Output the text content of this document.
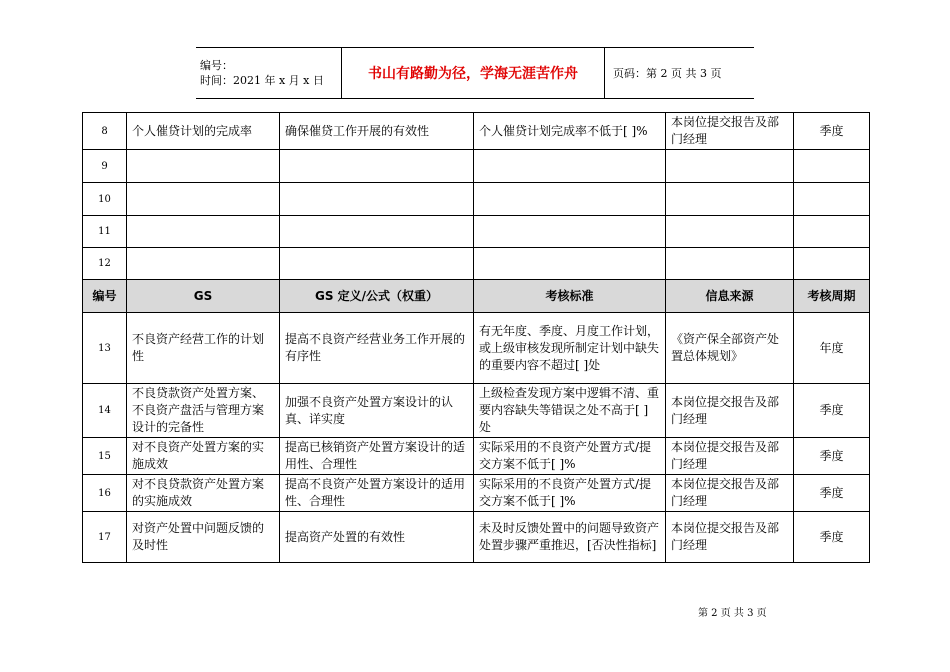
编号：
时间：2021 年 x 月 x 日	书山有路勤为径，学海无涯苦作舟	页码：第 2 页 共 3 页
8	个人催贷计划的完成率	确保催贷工作开展的有效性	个人催贷计划完成率不低于[ ]%	本岗位提交报告及部门经理	季度
9					
10					
11					
12					
编号	GS	GS 定义/公式（权重）	考核标准	信息来源	考核周期
13	不良资产经营工作的计划性	提高不良资产经营业务工作开展的有序性	有无年度、季度、月度工作计划，或上级审核发现所制定计划中缺失的重要内容不超过[ ]处	《资产保全部资产处置总体规划》	年度
14	不良贷款资产处置方案、不良资产盘活与管理方案设计的完备性	加强不良资产处置方案设计的认真、详实度	上级检查发现方案中逻辑不清、重要内容缺失等错误之处不高于[ ]处	本岗位提交报告及部门经理	季度
15	对不良资产处置方案的实施成效	提高已核销资产处置方案设计的适用性、合理性	实际采用的不良资产处置方式/提交方案不低于[ ]%	本岗位提交报告及部门经理	季度
16	对不良贷款资产处置方案的实施成效	提高不良资产处置方案设计的适用性、合理性	实际采用的不良资产处置方式/提交方案不低于[ ]%	本岗位提交报告及部门经理	季度
17	对资产处置中问题反馈的及时性	提高资产处置的有效性	未及时反馈处置中的问题导致资产处置步骤严重推迟，[否决性指标]	本岗位提交报告及部门经理	季度
第 2 页 共 3 页
